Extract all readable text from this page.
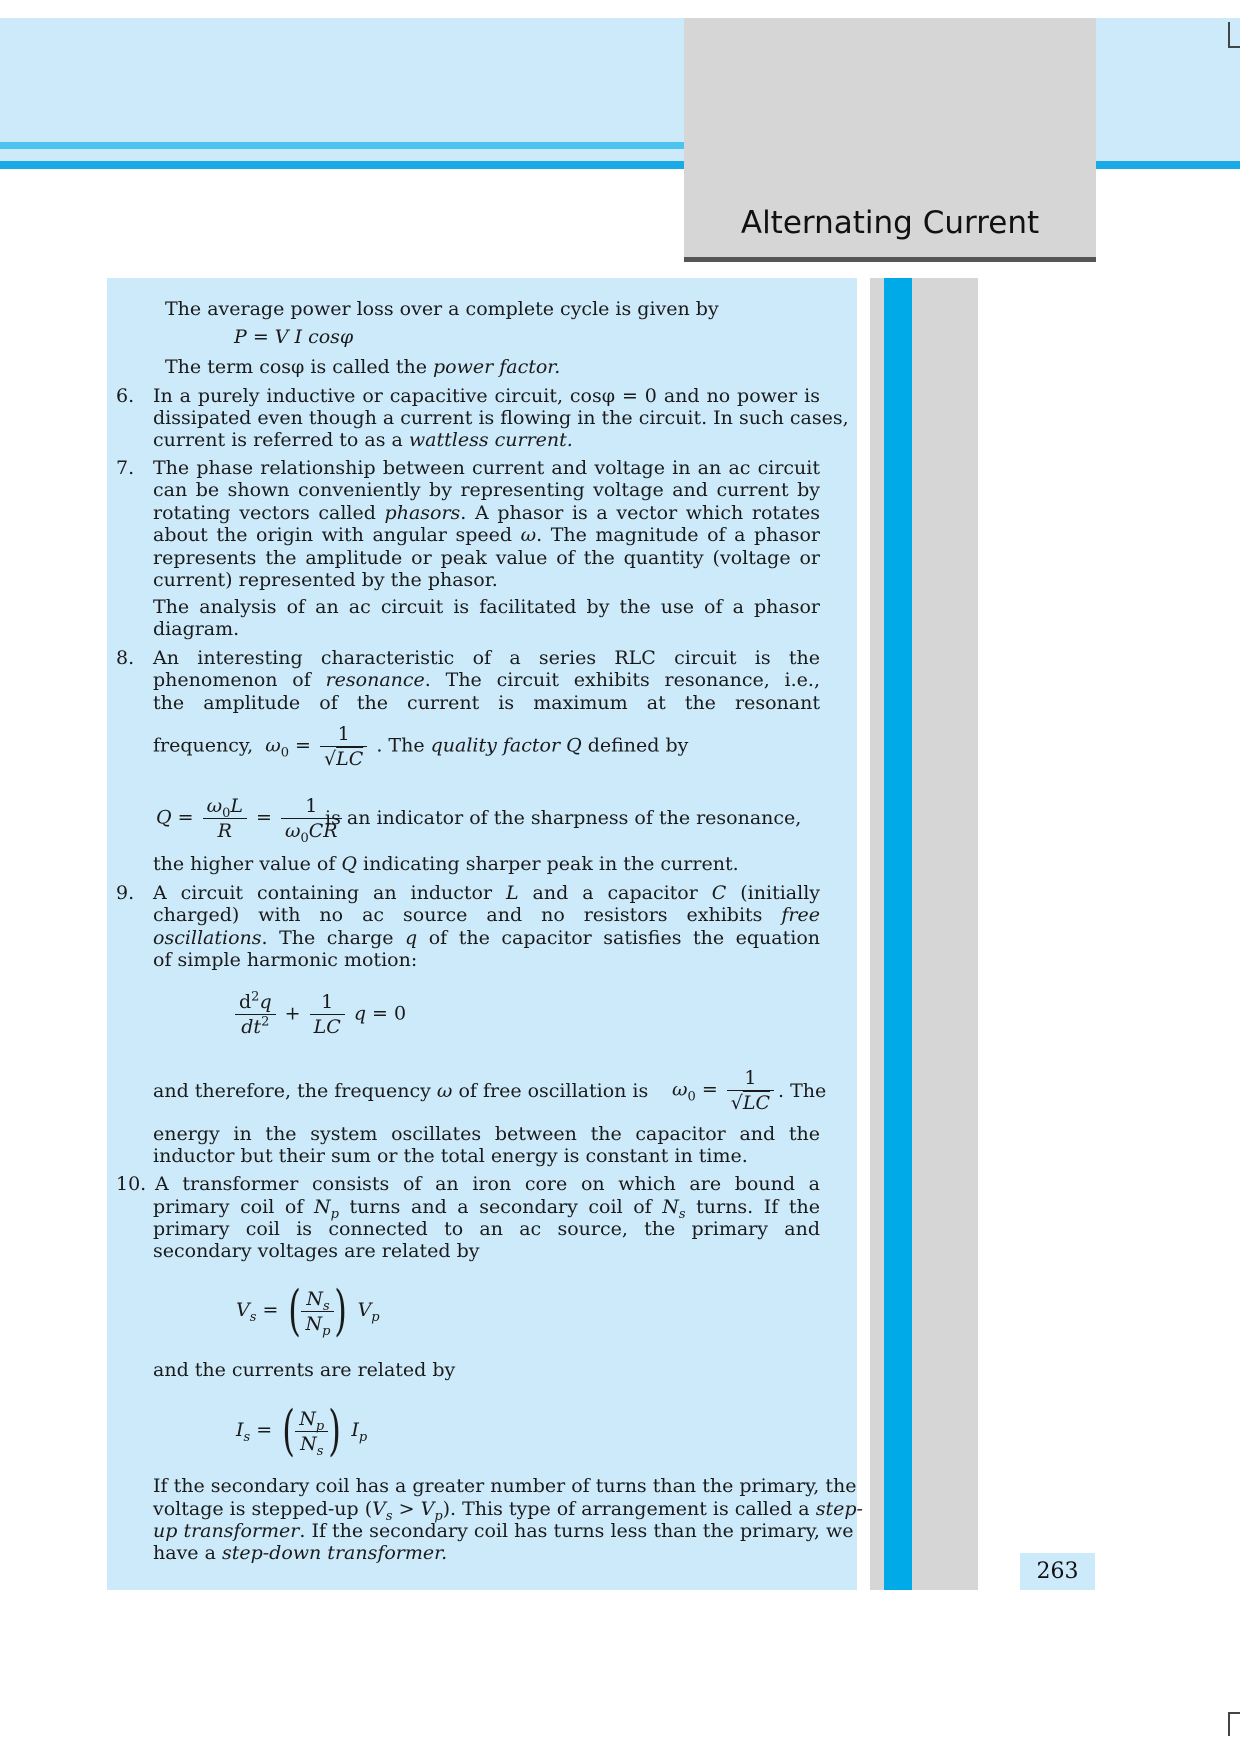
Alternating Current
263
The average power loss over a complete cycle is given by
P = V I cosφ
The term cosφ is called the power factor.
6. In a purely inductive or capacitive circuit, cosφ = 0 and no power is
dissipated even though a current is flowing in the circuit. In such cases,
current is referred to as a wattless current.
7. The phase relationship between current and voltage in an ac circuit
can be shown conveniently by representing voltage and current by
rotating vectors called phasors. A phasor is a vector which rotates
about the origin with angular speed ω. The magnitude of a phasor
represents the amplitude or peak value of the quantity (voltage or
current) represented by the phasor.
The analysis of an ac circuit is facilitated by the use of a phasor
diagram.
8. An interesting characteristic of a series RLC circuit is the
phenomenon of resonance. The circuit exhibits resonance, i.e.,
the amplitude of the current is maximum at the resonant
frequency, $\omega_0 = \frac{1}{√LC}$ . The quality factor Q defined by
$Q = \frac{\omega_0L}{R} = \frac{1}{\omega_0CR}$
is an indicator of the sharpness of the resonance,
the higher value of Q indicating sharper peak in the current.
9. A circuit containing an inductor L and a capacitor C (initially
charged) with no ac source and no resistors exhibits free
oscillations. The charge q of the capacitor satisfies the equation
of simple harmonic motion:
$\frac{d^2q}{dt^2} + \frac{1}{LC}$ q = 0
and therefore, the frequency ω of free oscillation is $\omega_0 = \frac{1}{√LC}$ . The
energy in the system oscillates between the capacitor and the
inductor but their sum or the total energy is constant in time.
10. A transformer consists of an iron core on which are bound a
primary coil of $N_p$ turns and a secondary coil of $N_s$ turns. If the
primary coil is connected to an ac source, the primary and
secondary voltages are related by
$V_s$ = ( $\frac{N_s}{N_p}$ ) $V_p$
and the currents are related by
$I_s$ = ( $\frac{N_p}{N_s}$ ) $I_p$
If the secondary coil has a greater number of turns than the primary, the
voltage is stepped-up $(V_s > V_p)$. This type of arrangement is called a step-
up transformer. If the secondary coil has turns less than the primary, we
have a step-down transformer.
